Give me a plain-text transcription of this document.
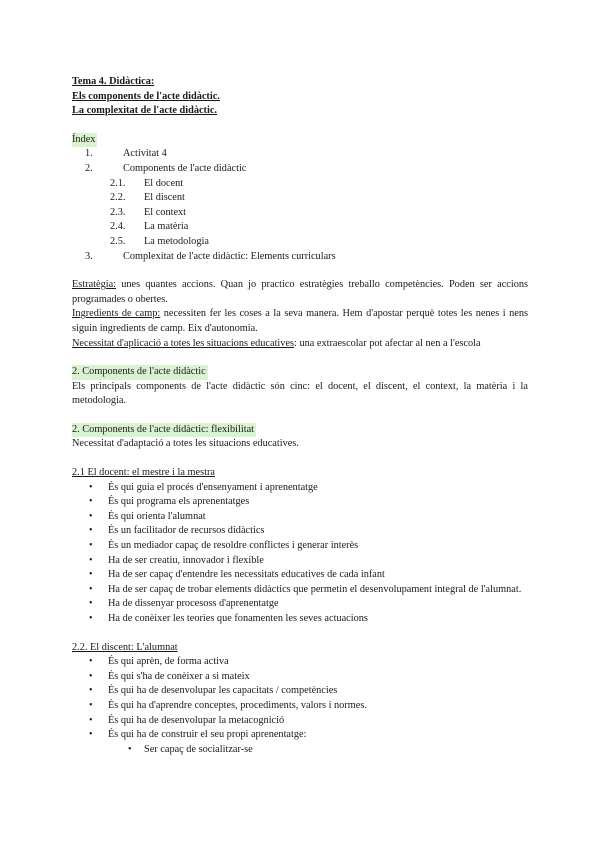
Tema 4. Didàctica:
Els components de l'acte didàctic.
La complexitat de l'acte didàctic.
Índex
1.	Activitat 4
2.	Components de l'acte didàctic
2.1.	El docent
2.2.	El discent
2.3.	El context
2.4.	La matèria
2.5.	La metodologia
3.	Complexitat de l'acte didàctic: Elements curriculars

Estratègia: unes quantes accions. Quan jo practico estratègies treballo competències. Poden ser accions programades o obertes.

Ingredients de camp: necessiten fer les coses a la seva manera. Hem d'apostar perquè totes les nenes i nens siguin ingredients de camp. Eix d'autonomia.

Necessitat d'aplicació a totes les situacions educatives: una extraescolar pot afectar al nen a l'escola

2. Components de l'acte didàctic

Els principals components de l'acte didàctic són cinc: el docent, el discent, el context, la matèria i la metodologia.

2. Components de l'acte didàctic: flexibilitat

Necessitat d'adaptació a totes les situacions educatives.

2.1 El docent: el mestre i la mestra
• És qui guia el procés d'ensenyament i aprenentatge
• És qui programa els aprenentatges
• És qui orienta l'alumnat
• És un facilitador de recursos didàctics
• És un mediador capaç de resoldre conflictes i generar interès
• Ha de ser creatiu, innovador i flexible
• Ha de ser capaç d'entendre les necessitats educatives de cada infant
• Ha de ser capaç de trobar elements didàctics que permetin el desenvolupament integral de l'alumnat.
• Ha de dissenyar procesoss d'aprenentatge
• Ha de conèixer les teories que fonamenten les seves actuacions
2.2. El discent: L'alumnat
• És qui aprèn, de forma activa
• És qui s'ha de conèixer a si mateix
• És qui ha de desenvolupar les capacitats / competències
• És qui ha d'aprendre conceptes, procediments, valors i normes.
• És qui ha de desenvolupar la metacognició
• És qui ha de construir el seu propi aprenentatge:
• Ser capaç de socialitzar-se
